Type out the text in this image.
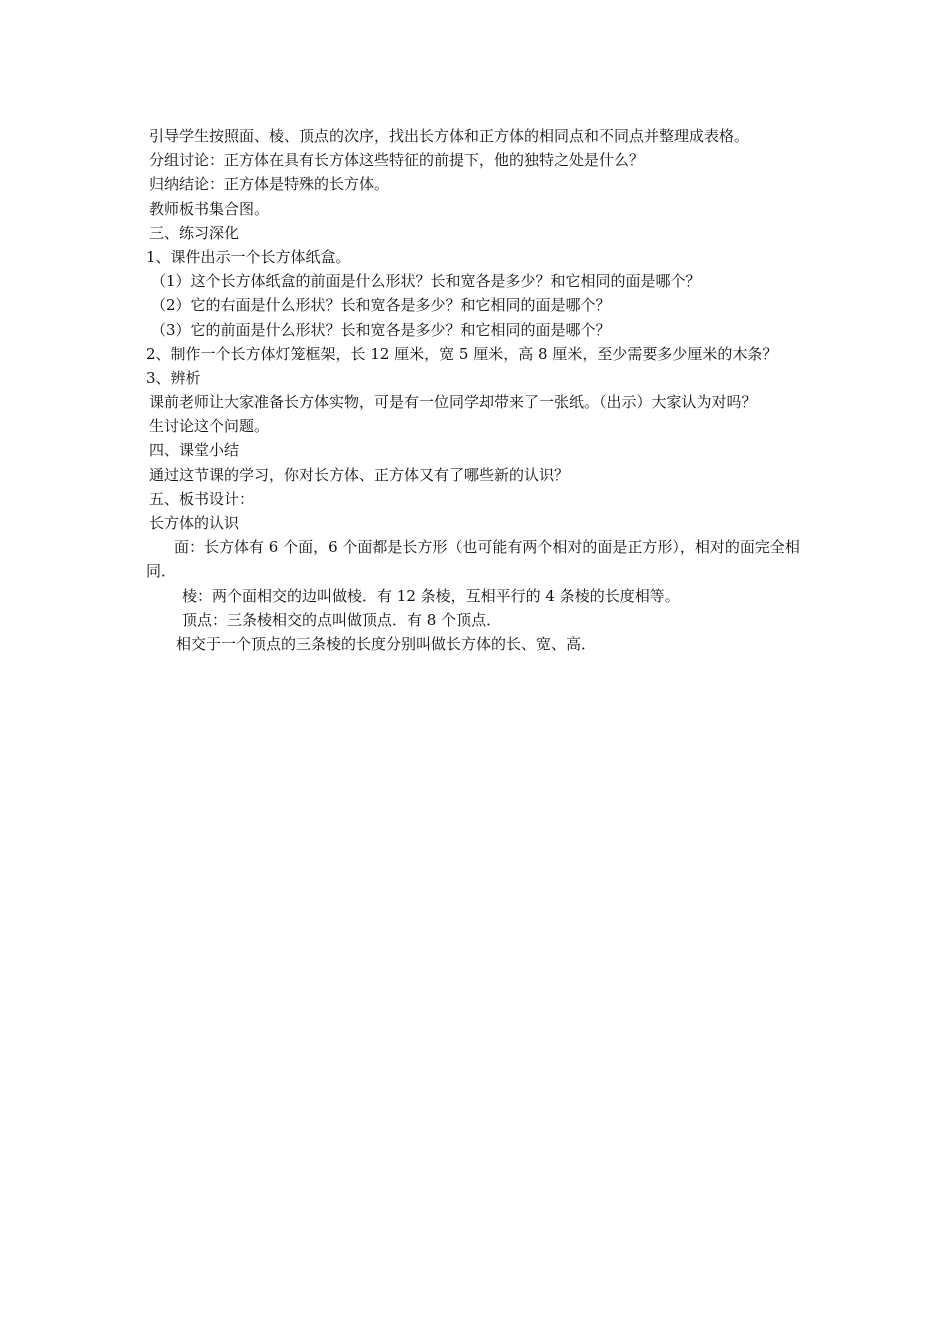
引导学生按照面、棱、顶点的次序，找出长方体和正方体的相同点和不同点并整理成表格。
分组讨论：正方体在具有长方体这些特征的前提下，他的独特之处是什么？
归纳结论：正方体是特殊的长方体。
教师板书集合图。
三、练习深化
1、课件出示一个长方体纸盒。
（1）这个长方体纸盒的前面是什么形状？长和宽各是多少？和它相同的面是哪个？
（2）它的右面是什么形状？长和宽各是多少？和它相同的面是哪个？
（3）它的前面是什么形状？长和宽各是多少？和它相同的面是哪个？
2、制作一个长方体灯笼框架，长 12 厘米，宽 5 厘米，高 8 厘米，至少需要多少厘米的木条？
3、辨析
课前老师让大家准备长方体实物，可是有一位同学却带来了一张纸。（出示）大家认为对吗？
生讨论这个问题。
四、课堂小结
通过这节课的学习，你对长方体、正方体又有了哪些新的认识？
五、板书设计：
长方体的认识
面：长方体有 6 个面，6 个面都是长方形（也可能有两个相对的面是正方形），相对的面完全相同．
棱：两个面相交的边叫做棱．有 12 条棱，互相平行的 4 条棱的长度相等。
顶点：三条棱相交的点叫做顶点．有 8 个顶点．
相交于一个顶点的三条棱的长度分别叫做长方体的长、宽、高．
